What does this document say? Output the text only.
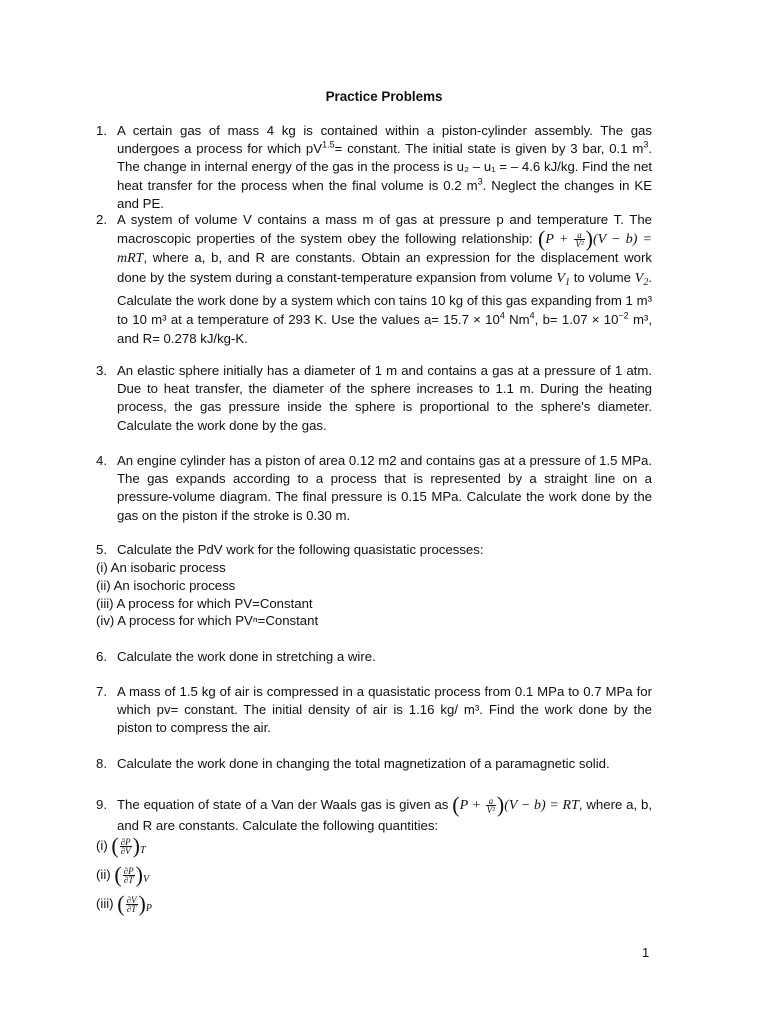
Practice Problems
1. A certain gas of mass 4 kg is contained within a piston-cylinder assembly. The gas undergoes a process for which $pV^{1.5}=$ constant. The initial state is given by 3 bar, 0.1 $m^3$. The change in internal energy of the gas in the process is u₂ – u₁ = – 4.6 kJ/kg. Find the net heat transfer for the process when the final volume is 0.2 $m^3$. Neglect the changes in KE and PE.
2. A system of volume V contains a mass m of gas at pressure p and temperature T. The macroscopic properties of the system obey the following relationship: $(P + \frac{a}{\text{V²}} )(V - b)$ = mRT, where a, b, and R are constants. Obtain an expression for the displacement work done by the system during a constant-temperature expansion from volume $V_1$ to volume $V_2$. Calculate the work done by a system which con tains 10 kg of this gas expanding from 1 m³ to 10 m³ at a temperature of 293 K. Use the values $a= 15.7 \times 10^4$ Nm$^4$, $b= 1.07 \times 10^{-2}$ m³, and R= 0.278 kJ/kg-K.
3. An elastic sphere initially has a diameter of 1 m and contains a gas at a pressure of 1 atm. Due to heat transfer, the diameter of the sphere increases to 1.1 m. During the heating process, the gas pressure inside the sphere is proportional to the sphere's diameter. Calculate the work done by the gas.
4. An engine cylinder has a piston of area 0.12 m2 and contains gas at a pressure of 1.5 MPa. The gas expands according to a process that is represented by a straight line on a pressure-volume diagram. The final pressure is 0.15 MPa. Calculate the work done by the gas on the piston if the stroke is 0.30 m.
5. Calculate the PdV work for the following quasistatic processes:
(i) An isobaric process
(ii) An isochoric process
(iii) A process for which PV=Constant
(iv) A process for which PVⁿ=Constant
6. Calculate the work done in stretching a wire.
7. A mass of 1.5 kg of air is compressed in a quasistatic process from 0.1 MPa to 0.7 MPa for which pv= constant. The initial density of air is 1.16 kg/ m³. Find the work done by the piston to compress the air.
8. Calculate the work done in changing the total magnetization of a paramagnetic solid.
9. The equation of state of a Van der Waals gas is given as $(P + \frac{a}{\text{V²}} )(V - b)$ = RT, where a, b, and R are constants. Calculate the following quantities:
(i) ( $\frac{\partial P}{\partial V} )_T$
(ii) ( $\frac{\partial P}{\partial T} )_V$
(iii) ( $\frac{\partial V}{\partial T} )_P$
1
